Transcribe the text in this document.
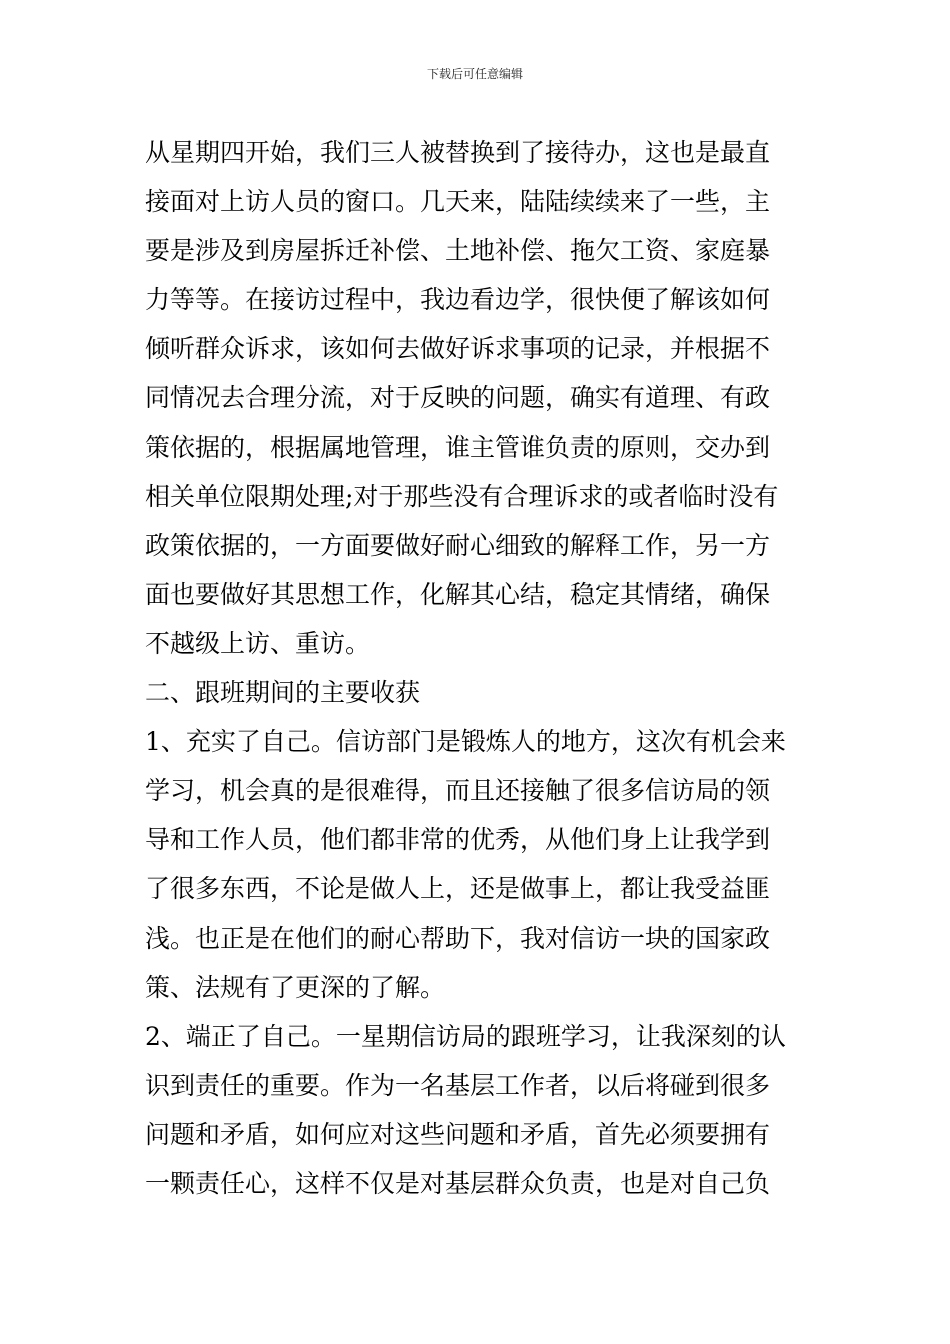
下载后可任意编辑
从星期四开始，我们三人被替换到了接待办，这也是最直
接面对上访人员的窗口。几天来，陆陆续续来了一些，主
要是涉及到房屋拆迁补偿、土地补偿、拖欠工资、家庭暴
力等等。在接访过程中，我边看边学，很快便了解该如何
倾听群众诉求，该如何去做好诉求事项的记录，并根据不
同情况去合理分流，对于反映的问题，确实有道理、有政
策依据的，根据属地管理，谁主管谁负责的原则，交办到
相关单位限期处理;对于那些没有合理诉求的或者临时没有
政策依据的，一方面要做好耐心细致的解释工作，另一方
面也要做好其思想工作，化解其心结，稳定其情绪，确保
不越级上访、重访。
二、跟班期间的主要收获
1、充实了自己。信访部门是锻炼人的地方，这次有机会来
学习，机会真的是很难得，而且还接触了很多信访局的领
导和工作人员，他们都非常的优秀，从他们身上让我学到
了很多东西，不论是做人上，还是做事上，都让我受益匪
浅。也正是在他们的耐心帮助下，我对信访一块的国家政
策、法规有了更深的了解。
2、端正了自己。一星期信访局的跟班学习，让我深刻的认
识到责任的重要。作为一名基层工作者，以后将碰到很多
问题和矛盾，如何应对这些问题和矛盾，首先必须要拥有
一颗责任心，这样不仅是对基层群众负责，也是对自己负
